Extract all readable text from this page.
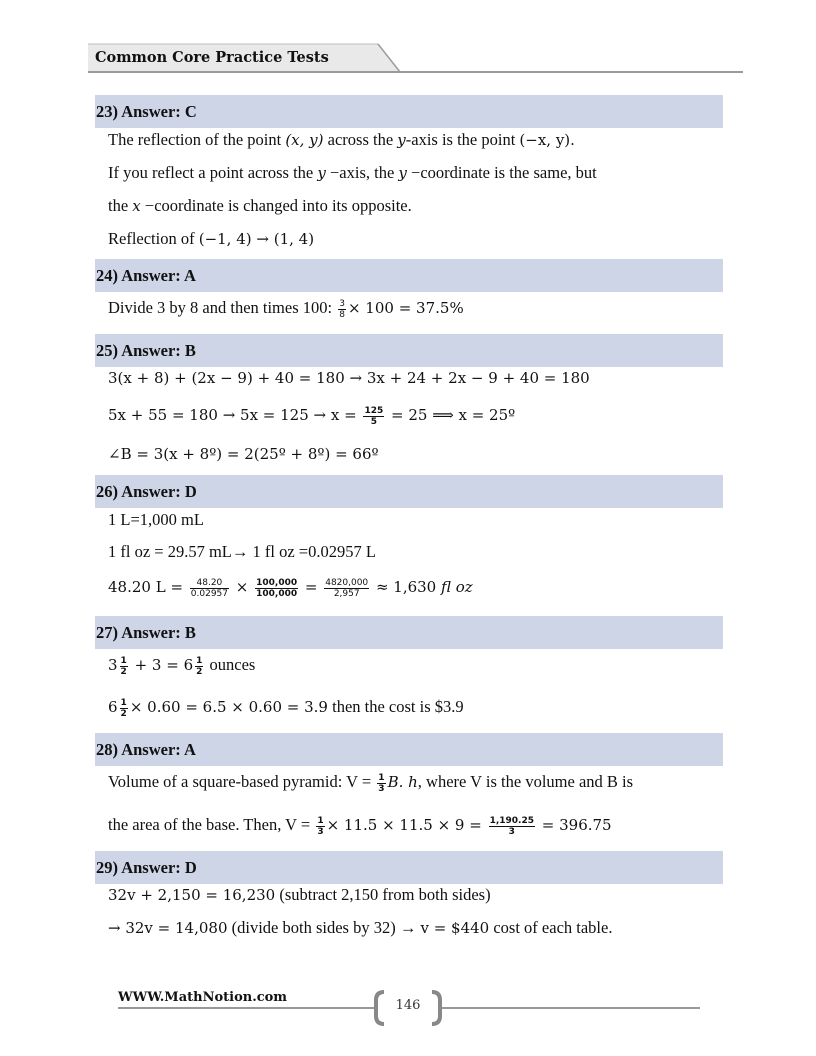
Common Core Practice Tests
23) Answer: C
The reflection of the point (x, y) across the y-axis is the point (−x, y).
If you reflect a point across the y −axis, the y −coordinate is the same, but
the x −coordinate is changed into its opposite.
Reflection of (−1, 4) → (1, 4)
24) Answer: A
Divide 3 by 8 and then times 100: $\frac{3}{8} \times 100 = 37.5\%$
25) Answer: B
3(x + 8) + (2x − 9) + 40 = 180 → 3x + 24 + 2x − 9 + 40 = 180
$5x + 55 = 180 \to 5x = 125 \to x = \frac{125}{5} = 25$ ⟹ x = 25º
∠B = 3(x + 8º) = 2(25º + 8º) = 66º
26) Answer: D
1 L=1,000 mL
1 fl oz = 29.57 mL→ 1 fl oz =0.02957 L
48.20 $L = \frac{48.20}{0.02957} \times \frac{100,000}{100,000} = \frac{4820,000}{2,957} \approx 1,630$ fl oz
27) Answer: B
$3 \frac{1}{2} + 3 = 6 \frac{1}{2}$ ounces
$6 \frac{1}{2} \times 0.60 = 6.5 \times 0.60 = 3.9$ then the cost is $3.9
28) Answer: A
Volume of a square-based pyramid: $V = \frac{1}{3} B$. h, where V is the volume and B is
the area of the base. Then, $V = \frac{1}{3} \times 11.5 \times 11.5 \times 9 = \frac{1,190.25}{3} = 396.75$
29) Answer: D
32v + 2,150 = 16,230 (subtract 2,150 from both sides)
→ 32v = 14,080 (divide both sides by 32) → v = $440 cost of each table.
WWW.MathNotion.com
146
